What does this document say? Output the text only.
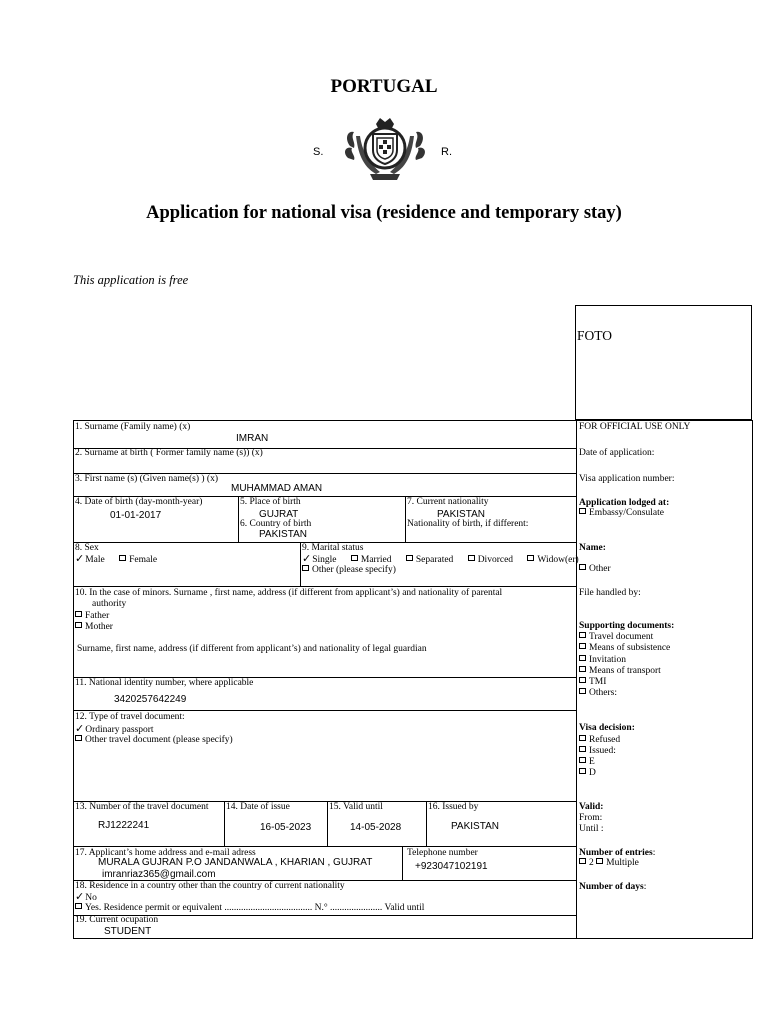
PORTUGAL
S.	R.
Application for national visa (residence and temporary stay)
This application is free
FOTO
1. Surname (Family name) (x)
IMRAN
2. Surname at birth ( Former family name (s)) (x)
3. First name (s) (Given name(s) ) (x)
MUHAMMAD AMAN
4. Date of birth (day-month-year)
01-01-2017
5. Place of birth
GUJRAT
6. Country of birth
PAKISTAN
7. Current nationality
PAKISTAN
Nationality of birth, if different:
8. Sex
✓Male	Female
9. Marital status
✓Single	Married	Separated	Divorced	Widow(er)
Other (please specify)
10. In the case of minors. Surname , first name, address (if different from applicant’s) and nationality of parental
authority
Father
Mother
Surname, first name, address (if different from applicant’s) and nationality of legal guardian
11. National identity number, where applicable
3420257642249
12. Type of travel document:
✓Ordinary passport
Other travel document (please specify)
13. Number of the travel document
RJ1222241
14. Date of issue
16-05-2023
15. Valid until
14-05-2028
16. Issued by
PAKISTAN
17. Applicant’s home address and e-mail adress
MURALA GUJRAN P.O JANDANWALA , KHARIAN , GUJRAT
imranriaz365@gmail.com
Telephone number
+923047102191
18. Residence in a country other than the country of current nationality
✓No
Yes. Residence permit or equivalent ..................................... N.° ...................... Valid until
19. Current ocupation
STUDENT
FOR OFFICIAL USE ONLY
Date of application:
Visa application number:
Application lodged at:
Embassy/Consulate
Name:
Other
File handled by:
Supporting documents:
Travel document
Means of subsistence
Invitation
Means of transport
TMI
Others:
Visa decision:
Refused
Issued:
E
D
Valid:
From:
Until :
Number of entries:
2 Multiple
Number of days:
